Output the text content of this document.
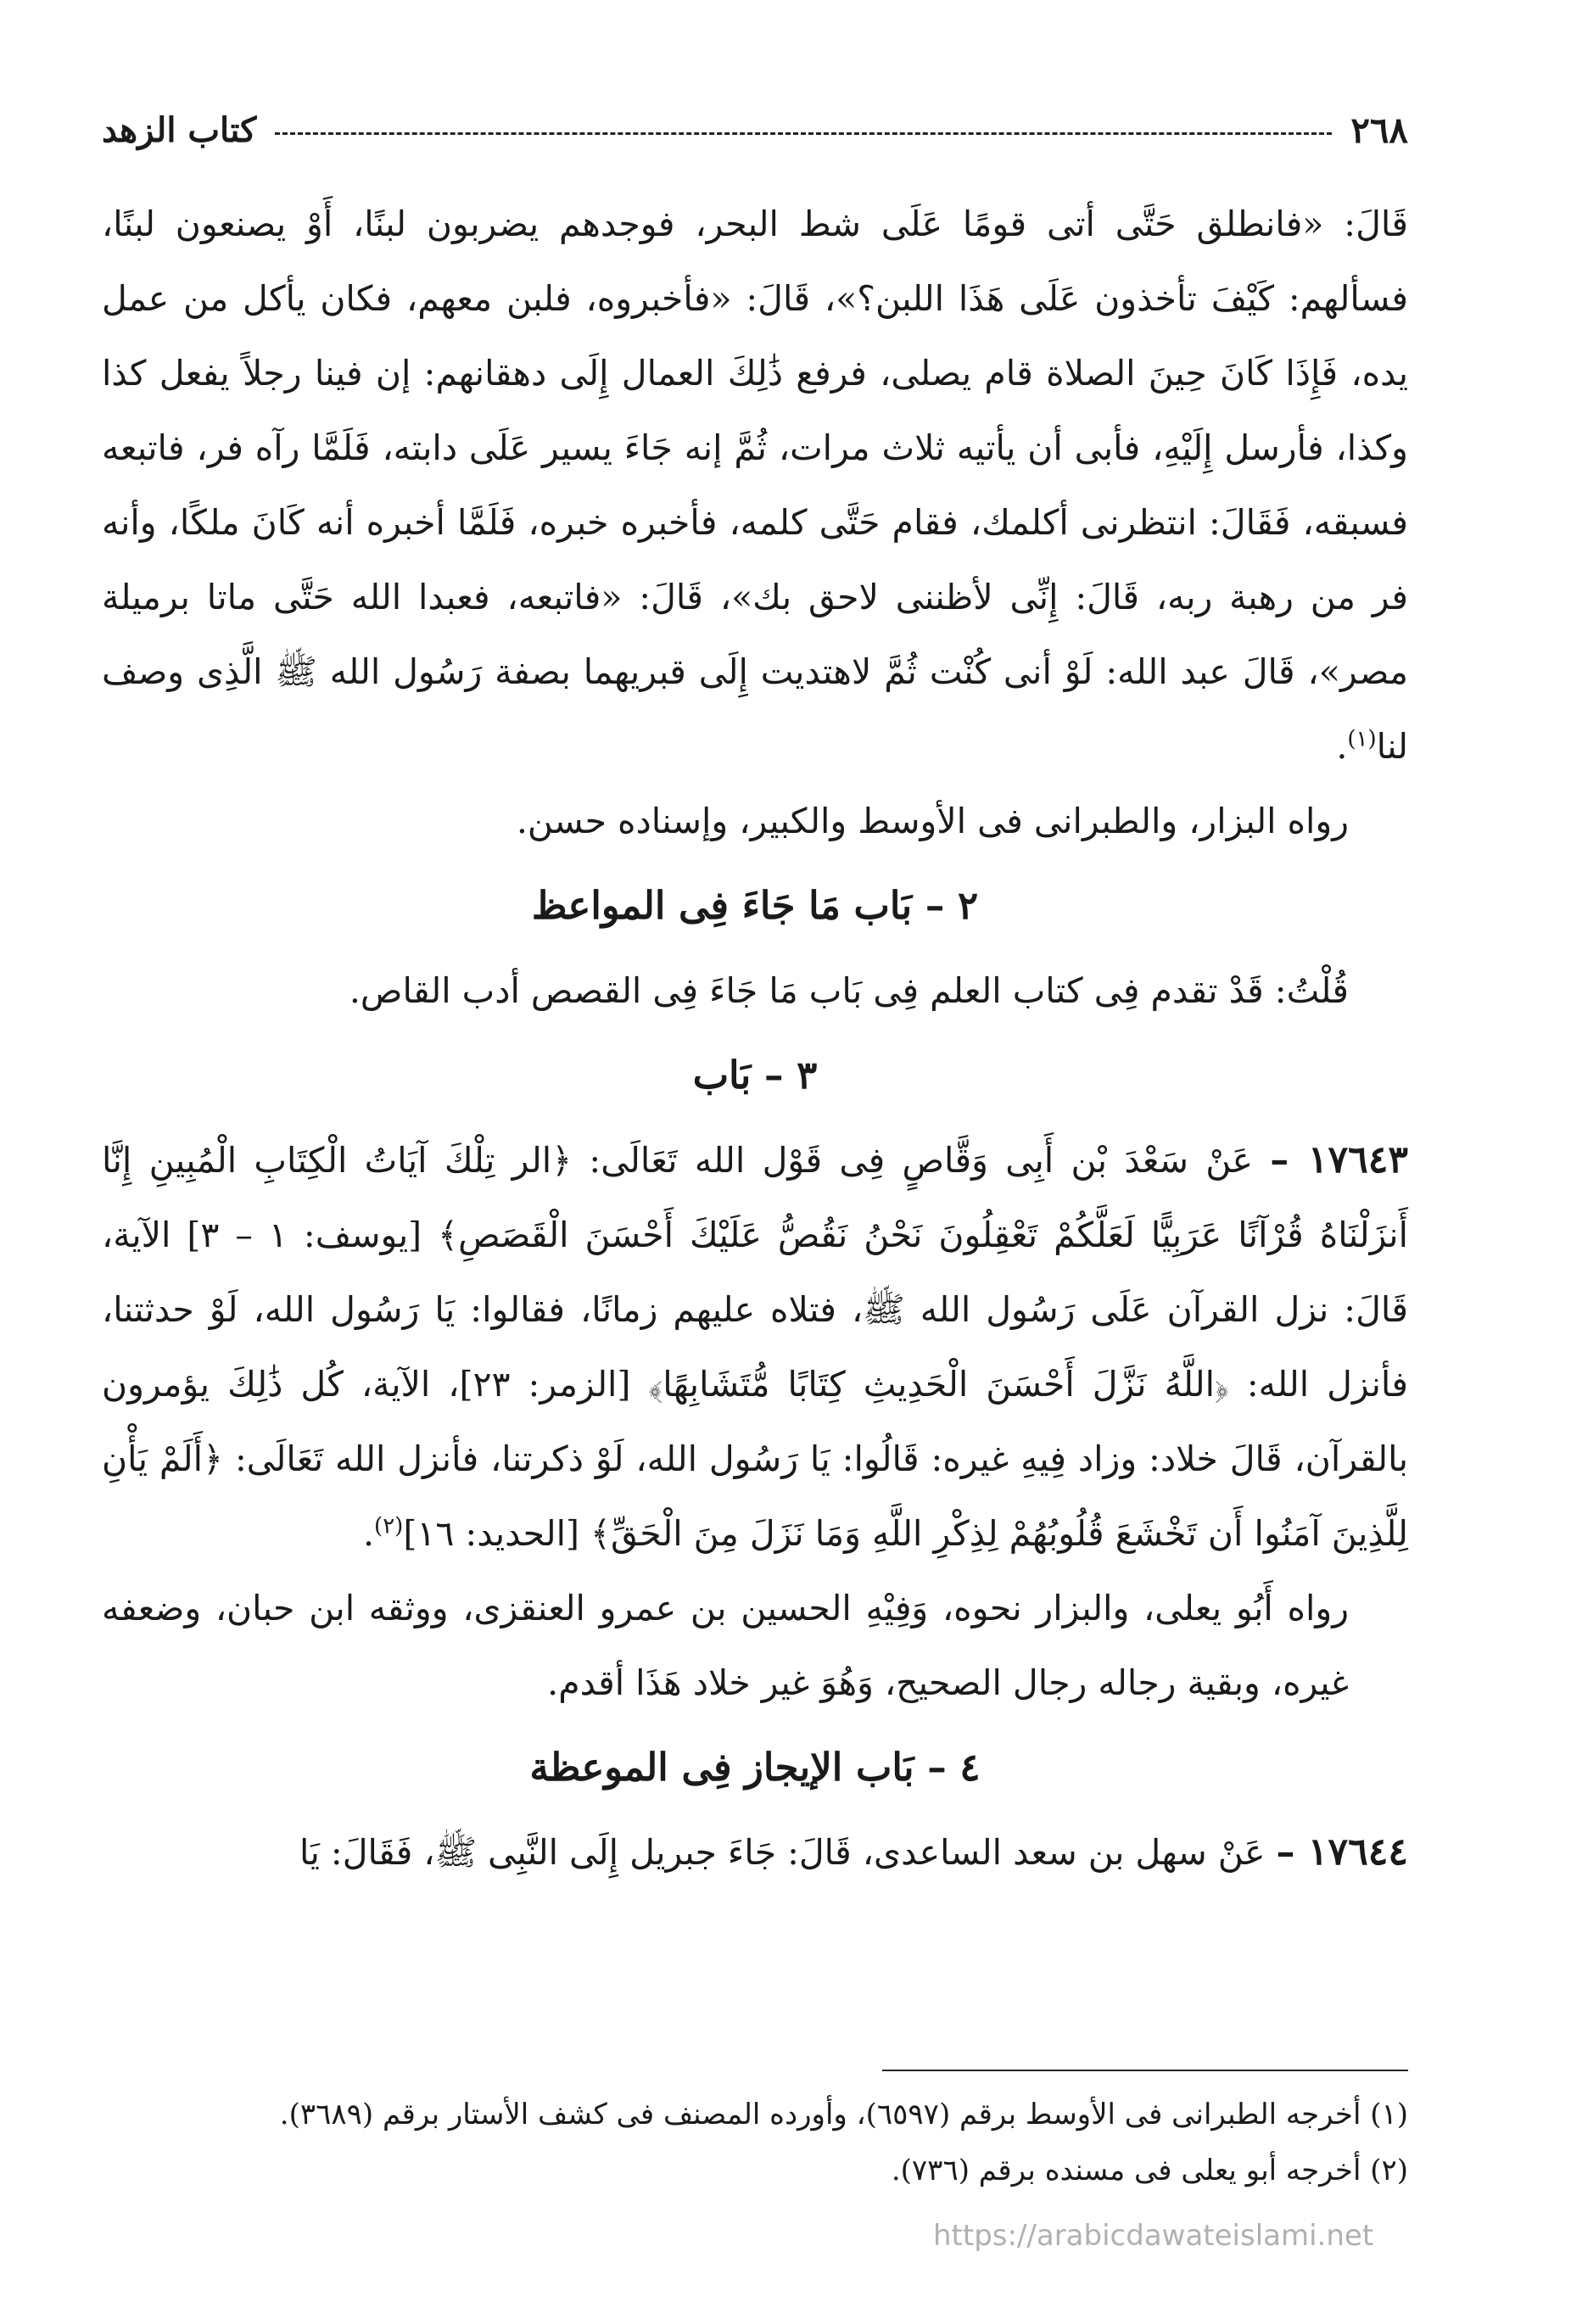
٢٦٨
كتاب الزهد

قَالَ: «فانطلق حَتَّى أتى قومًا عَلَى شط البحر، فوجدهم يضربون لبنًا، أَوْ يصنعون لبنًا، فسألهم: كَيْفَ تأخذون عَلَى هَذَا اللبن؟»، قَالَ: «فأخبروه، فلبن معهم، فكان يأكل من عمل يده، فَإِذَا كَانَ حِينَ الصلاة قام يصلى، فرفع ذَٰلِكَ العمال إِلَى دهقانهم: إن فينا رجلاً يفعل كذا وكذا، فأرسل إِلَيْهِ، فأبى أن يأتيه ثلاث مرات، ثُمَّ إنه جَاءَ يسير عَلَى دابته، فَلَمَّا رآه فر، فاتبعه فسبقه، فَقَالَ: انتظرنى أكلمك، فقام حَتَّى كلمه، فأخبره خبره، فَلَمَّا أخبره أنه كَانَ ملكًا، وأنه فر من رهبة ربه، قَالَ: إِنِّى لأظننى لاحق بك»، قَالَ: «فاتبعه، فعبدا الله حَتَّى ماتا برميلة مصر»، قَالَ عبد الله: لَوْ أنى كُنْت ثُمَّ لاهتديت إِلَى قبريهما بصفة رَسُول الله ﷺ الَّذِى وصف لنا$^{(١)}$.

رواه البزار، والطبرانى فى الأوسط والكبير، وإسناده حسن.

٢ – بَاب مَا جَاءَ فِى المواعظ

قُلْتُ: قَدْ تقدم فِى كتاب العلم فِى بَاب مَا جَاءَ فِى القصص أدب القاص.

٣ – بَاب

١٧٦٤٣ – عَنْ سَعْدَ بْن أَبِى وَقَّاصٍ فِى قَوْل الله تَعَالَى: ﴿الر تِلْكَ آيَاتُ الْكِتَابِ الْمُبِينِ إِنَّا أَنزَلْنَاهُ قُرْآنًا عَرَبِيًّا لَعَلَّكُمْ تَعْقِلُونَ نَحْنُ نَقُصُّ عَلَيْكَ أَحْسَنَ الْقَصَصِ﴾ [يوسف: ١ – ٣] الآية، قَالَ: نزل القرآن عَلَى رَسُول الله ﷺ، فتلاه عليهم زمانًا، فقالوا: يَا رَسُول الله، لَوْ حدثتنا، فأنزل الله: ﴿اللَّهُ نَزَّلَ أَحْسَنَ الْحَدِيثِ كِتَابًا مُّتَشَابِهًا﴾ [الزمر: ٢٣]، الآية، كُل ذَٰلِكَ يؤمرون بالقرآن، قَالَ خلاد: وزاد فِيهِ غيره: قَالُوا: يَا رَسُول الله، لَوْ ذكرتنا، فأنزل الله تَعَالَى: ﴿أَلَمْ يَأْنِ لِلَّذِينَ آمَنُوا أَن تَخْشَعَ قُلُوبُهُمْ لِذِكْرِ اللَّهِ وَمَا نَزَلَ مِنَ الْحَقِّ﴾ [الحديد: ١٦]$^{(٢)}$.

رواه أَبُو يعلى، والبزار نحوه، وَفِيْهِ الحسين بن عمرو العنقزى، ووثقه ابن حبان، وضعفه غيره، وبقية رجاله رجال الصحيح، وَهُوَ غير خلاد هَذَا أقدم.

٤ – بَاب الإيجاز فِى الموعظة

١٧٦٤٤ – عَنْ سهل بن سعد الساعدى، قَالَ: جَاءَ جبريل إِلَى النَّبِى ﷺ، فَقَالَ: يَا

(١) أخرجه الطبرانى فى الأوسط برقم (٦٥٩٧)، وأورده المصنف فى كشف الأستار برقم (٣٦٨٩).

(٢) أخرجه أبو يعلى فى مسنده برقم (٧٣٦).

https://arabicdawateislami.net
